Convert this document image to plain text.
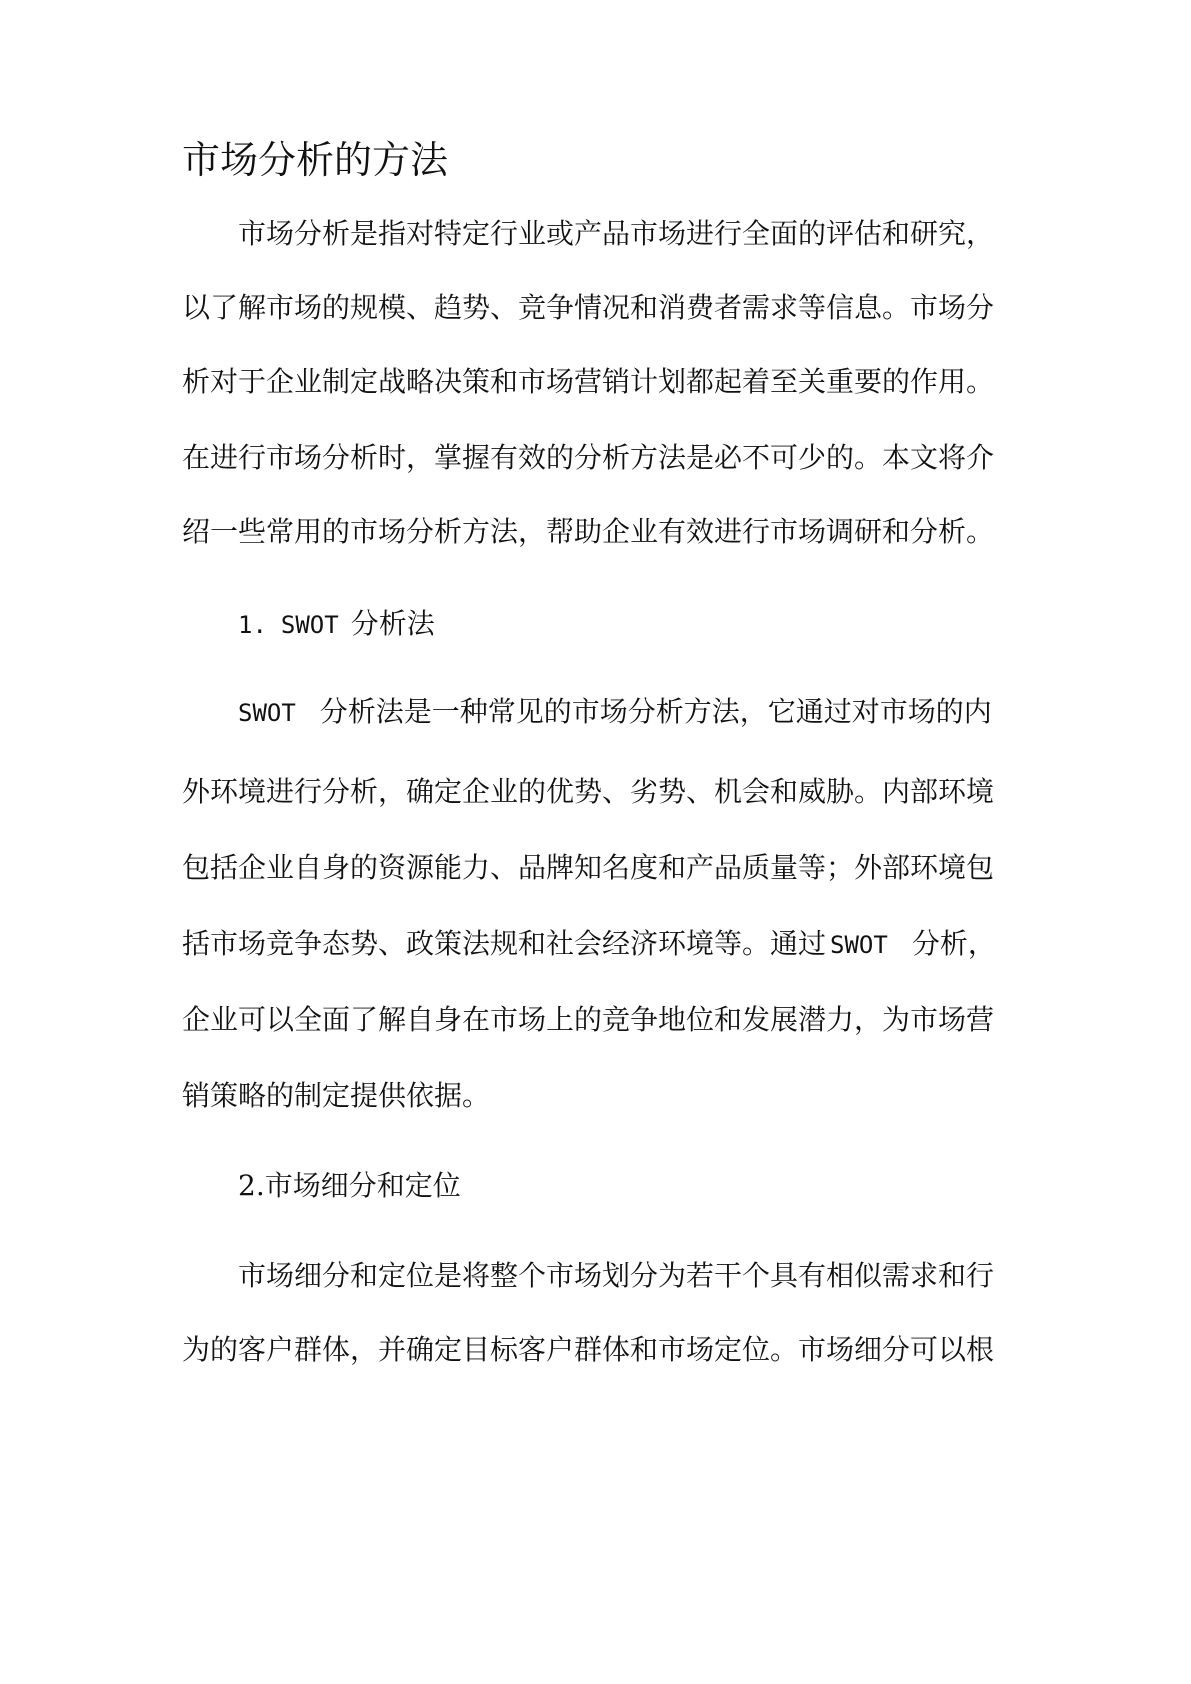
市场分析的方法

市场分析是指对特定行业或产品市场进行全面的评估和研究，

以了解市场的规模、趋势、竞争情况和消费者需求等信息。市场分

析对于企业制定战略决策和市场营销计划都起着至关重要的作用。

在进行市场分析时，掌握有效的分析方法是必不可少的。本文将介

绍一些常用的市场分析方法，帮助企业有效进行市场调研和分析。

1. SWOT 分析法

SWOT 分析法是一种常见的市场分析方法，它通过对市场的内

外环境进行分析，确定企业的优势、劣势、机会和威胁。内部环境

包括企业自身的资源能力、品牌知名度和产品质量等；外部环境包

括市场竞争态势、政策法规和社会经济环境等。通过 SWOT 分析，

企业可以全面了解自身在市场上的竞争地位和发展潜力，为市场营

销策略的制定提供依据。

2.市场细分和定位

市场细分和定位是将整个市场划分为若干个具有相似需求和行

为的客户群体，并确定目标客户群体和市场定位。市场细分可以根
